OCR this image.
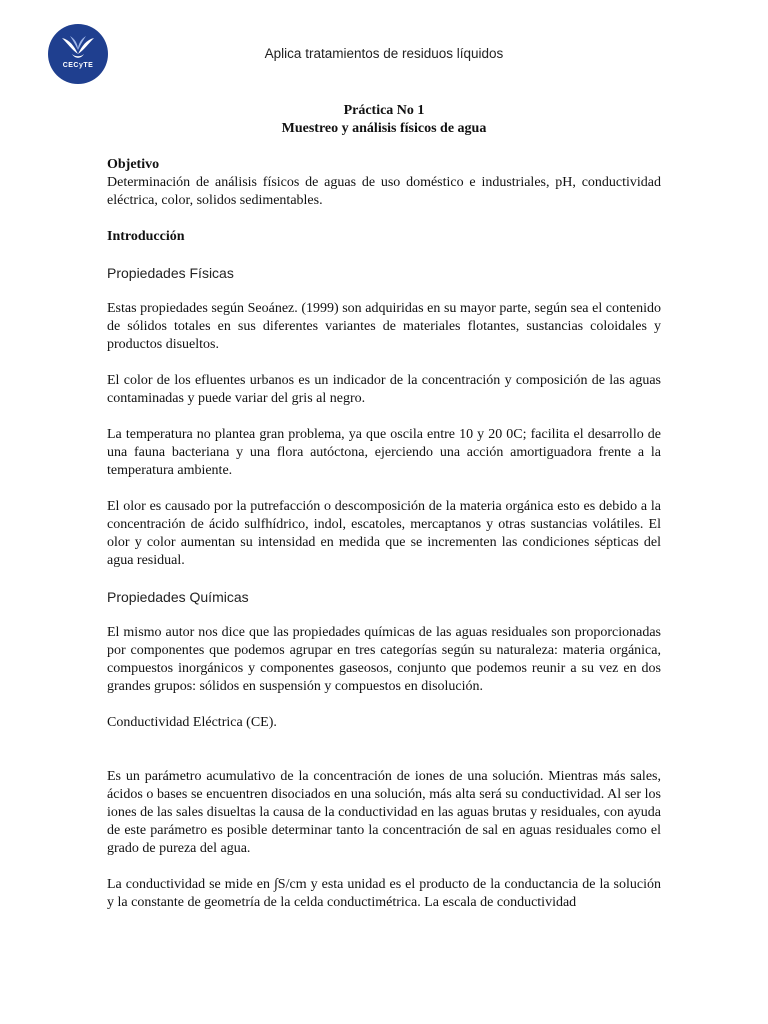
CECyTE
Aplica tratamientos de residuos líquidos

Práctica No 1

Muestreo y análisis físicos de agua

Objetivo

Determinación de análisis físicos de aguas de uso doméstico e industriales, pH, conductividad eléctrica, color, solidos sedimentables.

Introducción

Propiedades Físicas

Estas propiedades según Seoánez. (1999) son adquiridas en su mayor parte, según sea el contenido de sólidos totales en sus diferentes variantes de materiales flotantes, sustancias coloidales y productos disueltos.

El color de los efluentes urbanos es un indicador de la concentración y composición de las aguas contaminadas y puede variar del gris al negro.

La temperatura no plantea gran problema, ya que oscila entre 10 y 20 0C; facilita el desarrollo de una fauna bacteriana y una flora autóctona, ejerciendo una acción amortiguadora frente a la temperatura ambiente.

El olor es causado por la putrefacción o descomposición de la materia orgánica esto es debido a la concentración de ácido sulfhídrico, indol, escatoles, mercaptanos y otras sustancias volátiles. El olor y color aumentan su intensidad en medida que se incrementen las condiciones sépticas del agua residual.

Propiedades Químicas

El mismo autor nos dice que las propiedades químicas de las aguas residuales son proporcionadas por componentes que podemos agrupar en tres categorías según su naturaleza: materia orgánica, compuestos inorgánicos y componentes gaseosos, conjunto que podemos reunir a su vez en dos grandes grupos: sólidos en suspensión y compuestos en disolución.

Conductividad Eléctrica (CE).

Es un parámetro acumulativo de la concentración de iones de una solución. Mientras más sales, ácidos o bases se encuentren disociados en una solución, más alta será su conductividad. Al ser los iones de las sales disueltas la causa de la conductividad en las aguas brutas y residuales, con ayuda de este parámetro es posible determinar tanto la concentración de sal en aguas residuales como el grado de pureza del agua.

La conductividad se mide en ∫S/cm y esta unidad es el producto de la conductancia de la solución y la constante de geometría de la celda conductimétrica. La escala de conductividad
